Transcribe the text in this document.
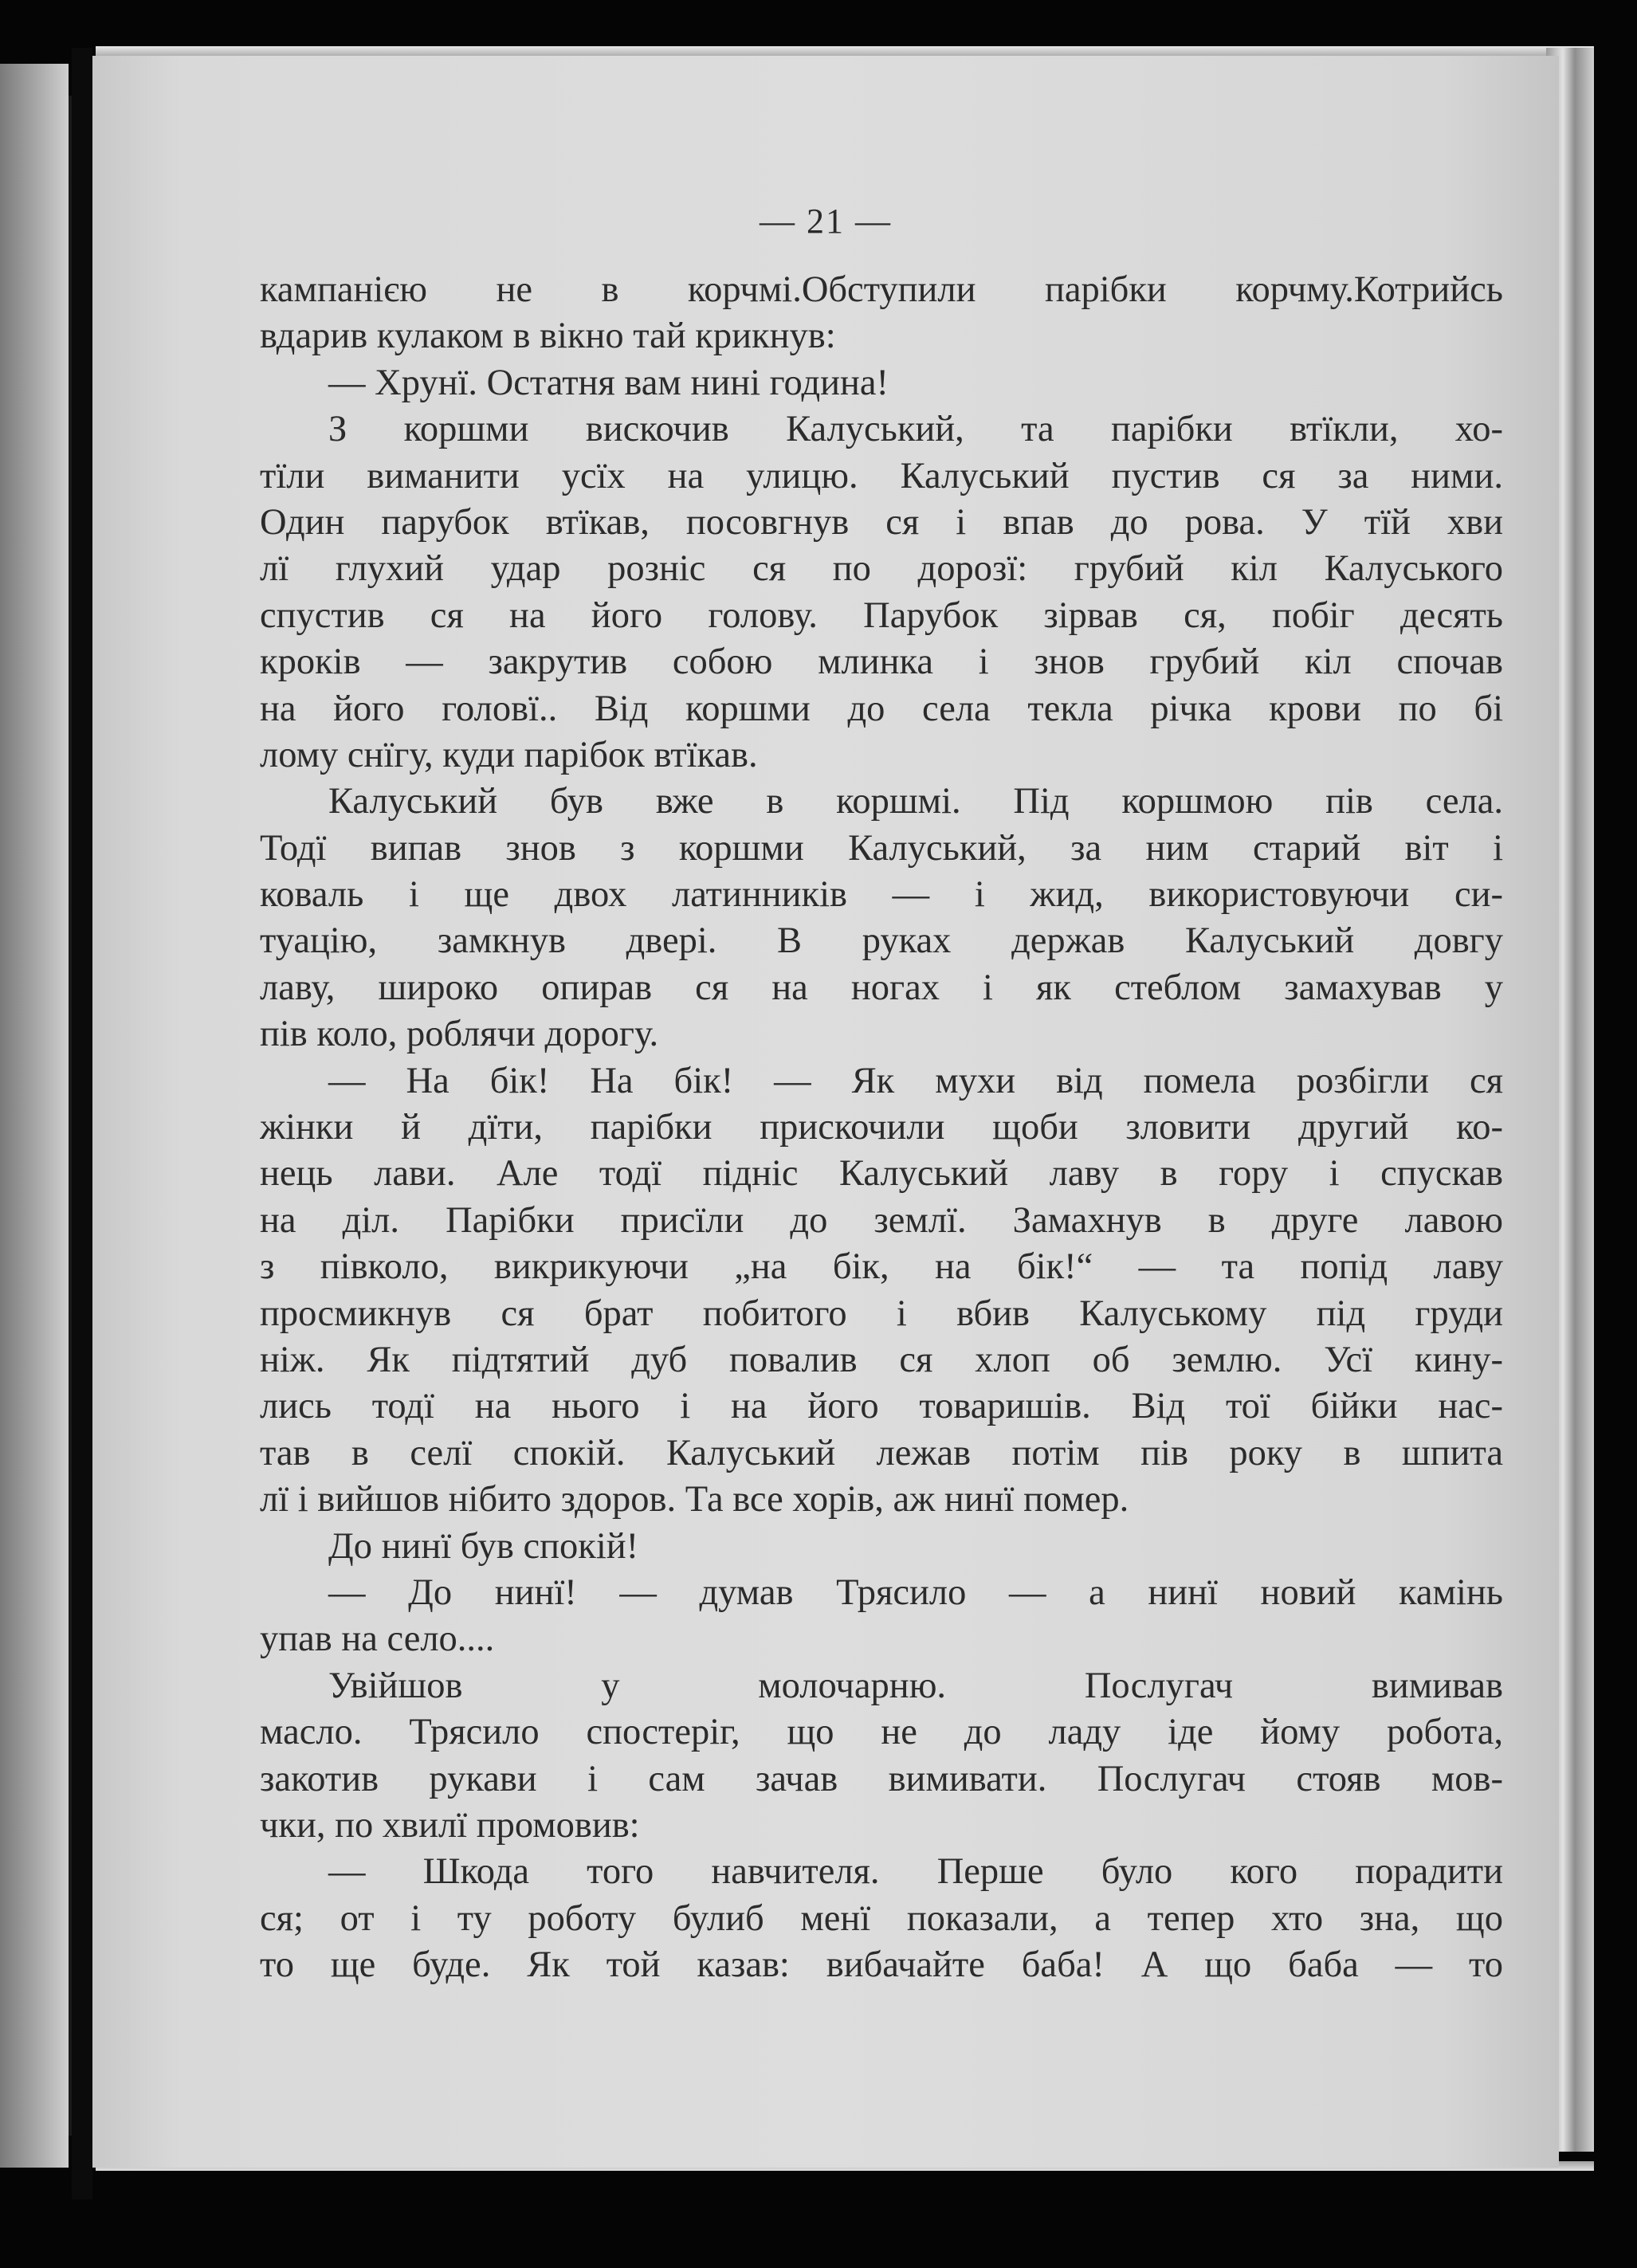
— 21 —
кампанією не в корчмі.Обступили парібки корчму.Котрийсь
вдарив кулаком в вікно тай крикнув:
— Хрунї. Остатня вам нині година!
З коршми вискочив Калуський, та парібки втїкли, хо-
тїли виманити усїх на улицю. Калуський пустив ся за ними.
Один парубок втїкав, посовгнув ся і впав до рова. У тїй хви
лї глухий удар розніс ся по дорозї: грубий кіл Калуського
спустив ся на його голову. Парубок зірвав ся, побіг десять
кроків — закрутив собою млинка і знов грубий кіл спочав
на його головї.. Від коршми до села текла річка крови по бі
лому снїгу, куди парібок втїкав.
Калуський був вже в коршмі. Під коршмою пів села.
Тодї випав знов з коршми Калуський, за ним старий віт і
коваль і ще двох латинників — і жид, використовуючи си-
туацію, замкнув двері. В руках держав Калуський довгу
лаву, широко опирав ся на ногах і як стеблом замахував у
пів коло, роблячи дорогу.
— На бік! На бік! — Як мухи від помела розбігли ся
жінки й дїти, парібки прискочили щоби зловити другий ко-
нець лави. Але тодї підніс Калуський лаву в гору і спускав
на діл. Парібки присїли до землї. Замахнув в друге лавою
з півколо, викрикуючи „на бік, на бік!“ — та попід лаву
просмикнув ся брат побитого і вбив Калуському під груди
ніж. Як підтятий дуб повалив ся хлоп об землю. Усї кину-
лись тодї на нього і на його товаришів. Від тої бійки нас-
тав в селї спокій. Калуський лежав потім пів року в шпита
лї і вийшов нібито здоров. Та все хорів, аж нинї помер.
До нинї був спокій!
— До нинї! — думав Трясило — а нинї новий камінь
упав на село....
Увійшов у молочарню. Послугач вимивав
масло. Трясило спостеріг, що не до ладу іде йому робота,
закотив рукави і сам зачав вимивати. Послугач стояв мов-
чки, по хвилї промовив:
— Шкода того навчителя. Перше було кого порадити
ся; от і ту роботу булиб менї показали, а тепер хто зна, що
то ще буде. Як той казав: вибачайте баба! А що баба — то
